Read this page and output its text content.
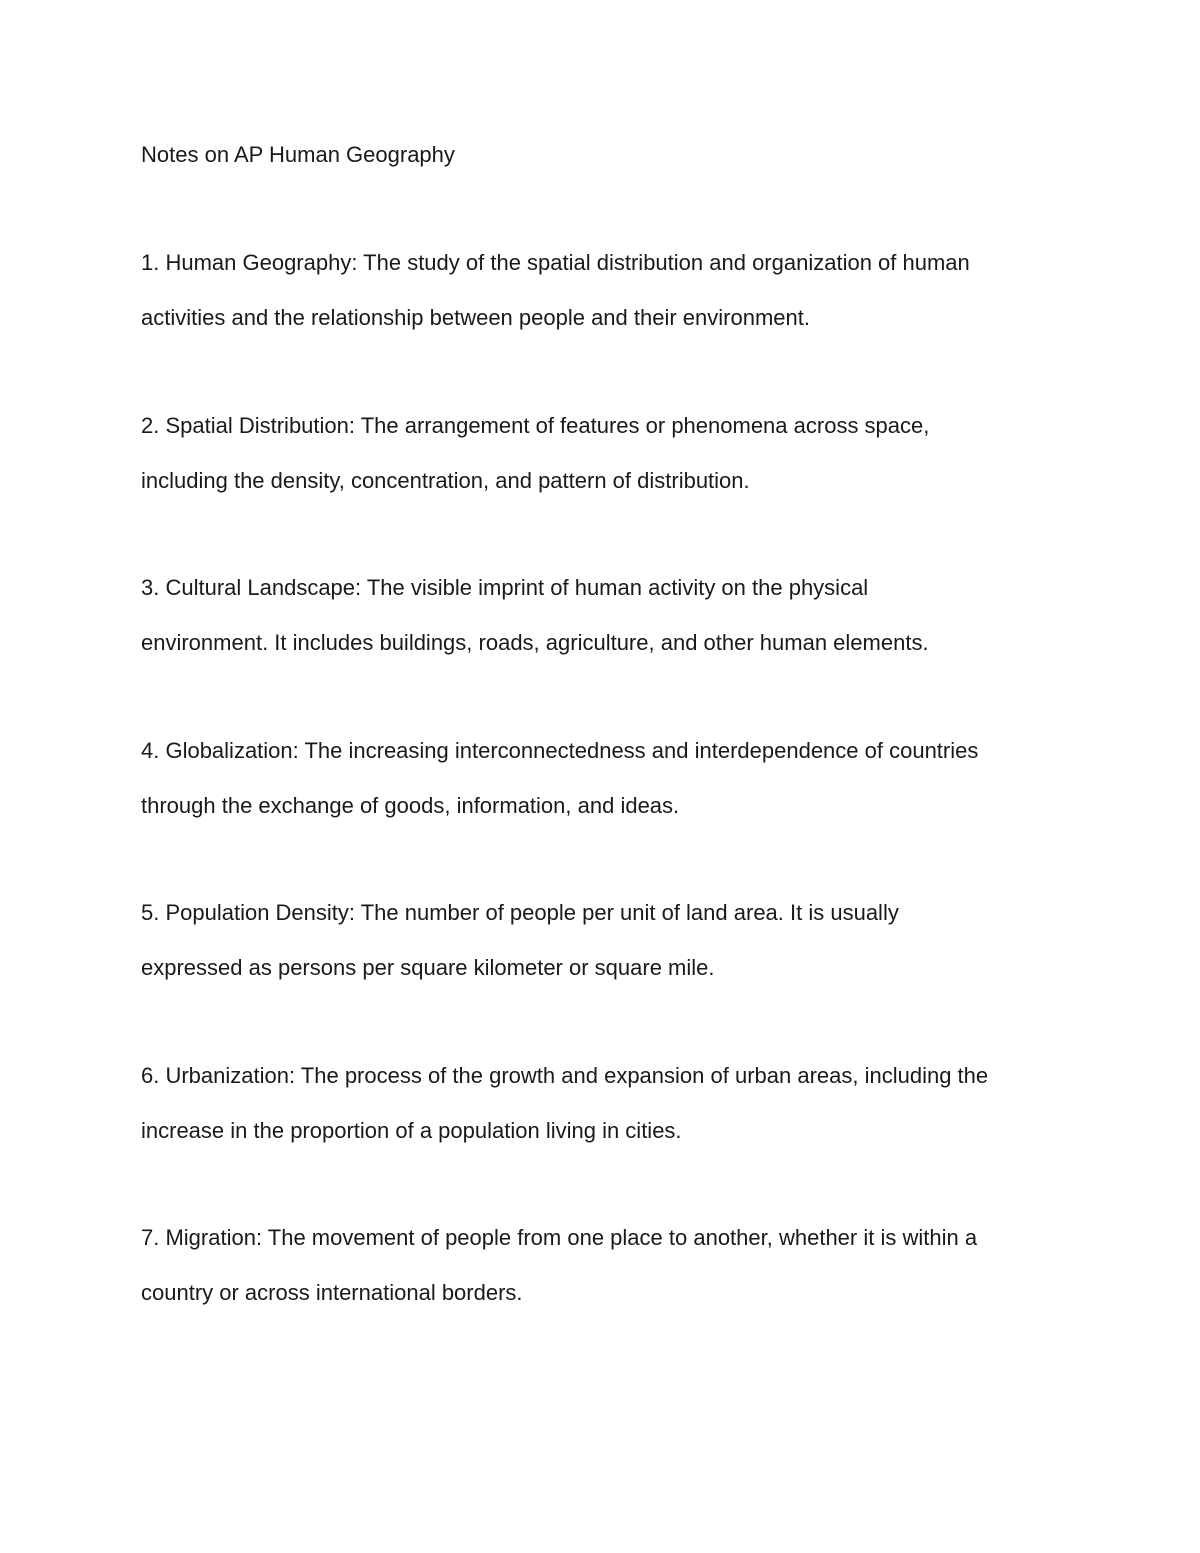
Notes on AP Human Geography
1. Human Geography: The study of the spatial distribution and organization of human
activities and the relationship between people and their environment.
2. Spatial Distribution: The arrangement of features or phenomena across space,
including the density, concentration, and pattern of distribution.
3. Cultural Landscape: The visible imprint of human activity on the physical
environment. It includes buildings, roads, agriculture, and other human elements.
4. Globalization: The increasing interconnectedness and interdependence of countries
through the exchange of goods, information, and ideas.
5. Population Density: The number of people per unit of land area. It is usually
expressed as persons per square kilometer or square mile.
6. Urbanization: The process of the growth and expansion of urban areas, including the
increase in the proportion of a population living in cities.
7. Migration: The movement of people from one place to another, whether it is within a
country or across international borders.
